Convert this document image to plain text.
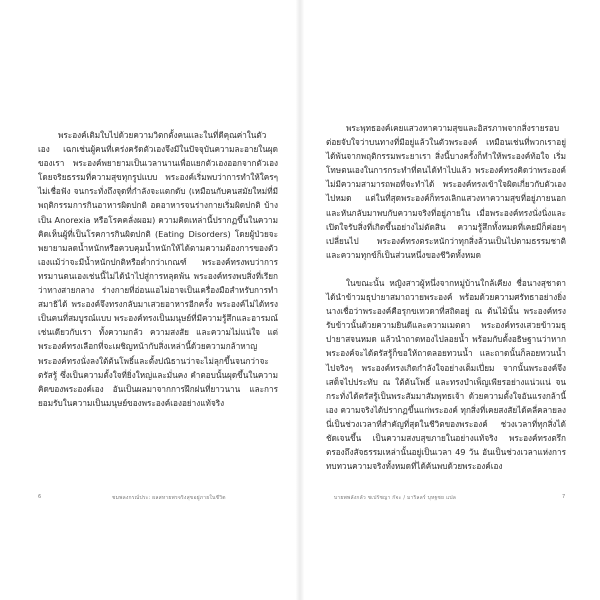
พระองค์เติมใบไปด้วยความวิตกตั้งคนและในที่ดีคุณค่าในตัวเอง เฉกเช่นผู้คนที่เคร่งครัดตัวเองจึงมีในปัจจุบันความละอายในผุดของเรา พระองค์พยายามเป็นเวลานานเพื่อแยกตัวเองออกจากตัวเองโดยจริยธรรมที่ความสุขทุกรูปแบบ พระองค์เริ่มพบว่าการทำให้ใครๆไม่เชื่อฟัง จนกระทั่งถึงจุดที่กำลังจะแตกดับ (เหมือนกับคนสมัยใหม่ที่มีพฤติกรรมการกินอาหารผิดปกติ อดอาหารจนร่างกายเริ่มผิดปกติ บ้างเป็น Anorexia หรือโรคคลั่งผอม) ความคิดเหล่านี้ปรากฏขึ้นในความคิดเห็นผู้ที่เป็นโรคการกินผิดปกติ (Eating Disorders) โดยผู้ป่วยจะพยายามลดน้ำหนักหรือควบคุมน้ำหนักให้ได้ตามความต้องการของตัวเองแม้ว่าจะมีน้ำหนักปกติหรือต่ำกว่าเกณฑ์ พระองค์ทรงพบว่าการทรมานตนเองเช่นนี้ไม่ได้นำไปสู่การหลุดพ้น พระองค์ทรงพบสิ่งที่เรียกว่าทางสายกลาง ร่างกายที่อ่อนแอไม่อาจเป็นเครื่องมือสำหรับการทำสมาธิได้ พระองค์จึงทรงกลับมาเสวยอาหารอีกครั้ง พระองค์ไม่ได้ทรงเป็นคนที่สมบูรณ์แบบ พระองค์ทรงเป็นมนุษย์ที่มีความรู้สึกและอารมณ์เช่นเดียวกับเรา ทั้งความกลัว ความสงสัย และความไม่แน่ใจ แต่พระองค์ทรงเลือกที่จะเผชิญหน้ากับสิ่งเหล่านี้ด้วยความกล้าหาญ พระองค์ทรงนั่งลงใต้ต้นโพธิ์และตั้งปณิธานว่าจะไม่ลุกขึ้นจนกว่าจะตรัสรู้ ซึ่งเป็นความตั้งใจที่ยิ่งใหญ่และมั่นคง คำตอบนั้นผุดขึ้นในความคิดของพระองค์เอง อันเป็นผลมาจากการฝึกฝนที่ยาวนาน และการยอมรับในความเป็นมนุษย์ของพระองค์เองอย่างแท้จริง

6	ชมพลงกรณ์ประ: ผลสหายพรจริงสุขอยู่ภายในชีวิต

พระพุทธองค์เคยแสวงหาความสุขและอิสรภาพจากสิ่งรายรอบต่อยจับใจว่าบนทางที่มีอยู่แล้วในตัวพระองค์ เหมือนเช่นที่พวกเราอยู่ได้พ้นจากพฤติกรรมพระยาเรา สิ่งนี้บางครั้งก็ทำให้พระองค์ท้อใจ เริ่มโทษตนเองในการกระทำที่ตนได้ทำไปแล้ว พระองค์ทรงคิดว่าพระองค์ไม่มีความสามารถพอที่จะทำได้ พระองค์ทรงเข้าใจผิดเกี่ยวกับตัวเองไปหมด แต่ในที่สุดพระองค์ก็ทรงเลิกแสวงหาความสุขที่อยู่ภายนอก และหันกลับมาพบกับความจริงที่อยู่ภายใน เมื่อพระองค์ทรงนั่งนิ่งและเปิดใจรับสิ่งที่เกิดขึ้นอย่างไม่ตัดสิน ความรู้สึกทั้งหมดที่เคยมีก็ค่อยๆ เปลี่ยนไป พระองค์ทรงตระหนักว่าทุกสิ่งล้วนเป็นไปตามธรรมชาติ และความทุกข์ก็เป็นส่วนหนึ่งของชีวิตทั้งหมด

ในขณะนั้น หญิงสาวผู้หนึ่งจากหมู่บ้านใกล้เคียง ชื่อนางสุชาดา ได้นำข้าวมธุปายาสมาถวายพระองค์ พร้อมด้วยความศรัทธาอย่างยิ่ง นางเชื่อว่าพระองค์คือรุกขเทวดาที่สถิตอยู่ ณ ต้นไม้นั้น พระองค์ทรงรับข้าวนั้นด้วยความยินดีและความเมตตา พระองค์ทรงเสวยข้าวมธุปายาสจนหมด แล้วนำถาดทองไปลอยน้ำ พร้อมกับตั้งอธิษฐานว่าหากพระองค์จะได้ตรัสรู้ก็ขอให้ถาดลอยทวนน้ำ และถาดนั้นก็ลอยทวนน้ำไปจริงๆ พระองค์ทรงเกิดกำลังใจอย่างเต็มเปี่ยม จากนั้นพระองค์จึงเสด็จไปประทับ ณ ใต้ต้นโพธิ์ และทรงบำเพ็ญเพียรอย่างแน่วแน่ จนกระทั่งได้ตรัสรู้เป็นพระสัมมาสัมพุทธเจ้า ด้วยความตั้งใจอันแรงกล้านี้เอง ความจริงได้ปรากฏขึ้นแก่พระองค์ ทุกสิ่งที่เคยสงสัยได้คลี่คลายลง นี่เป็นช่วงเวลาที่สำคัญที่สุดในชีวิตของพระองค์ ช่วงเวลาที่ทุกสิ่งได้ชัดเจนขึ้น เป็นความสงบสุขภายในอย่างแท้จริง พระองค์ทรงตรึกตรองถึงสัจธรรมเหล่านั้นอยู่เป็นเวลา 49 วัน อันเป็นช่วงเวลาแห่งการทบทวนความจริงทั้งหมดที่ได้ค้นพบด้วยพระองค์เอง

บายพพลังกลัว ชเปรัชญา กัจะ / มาริลลร์ บุหฐชย แปล	7
